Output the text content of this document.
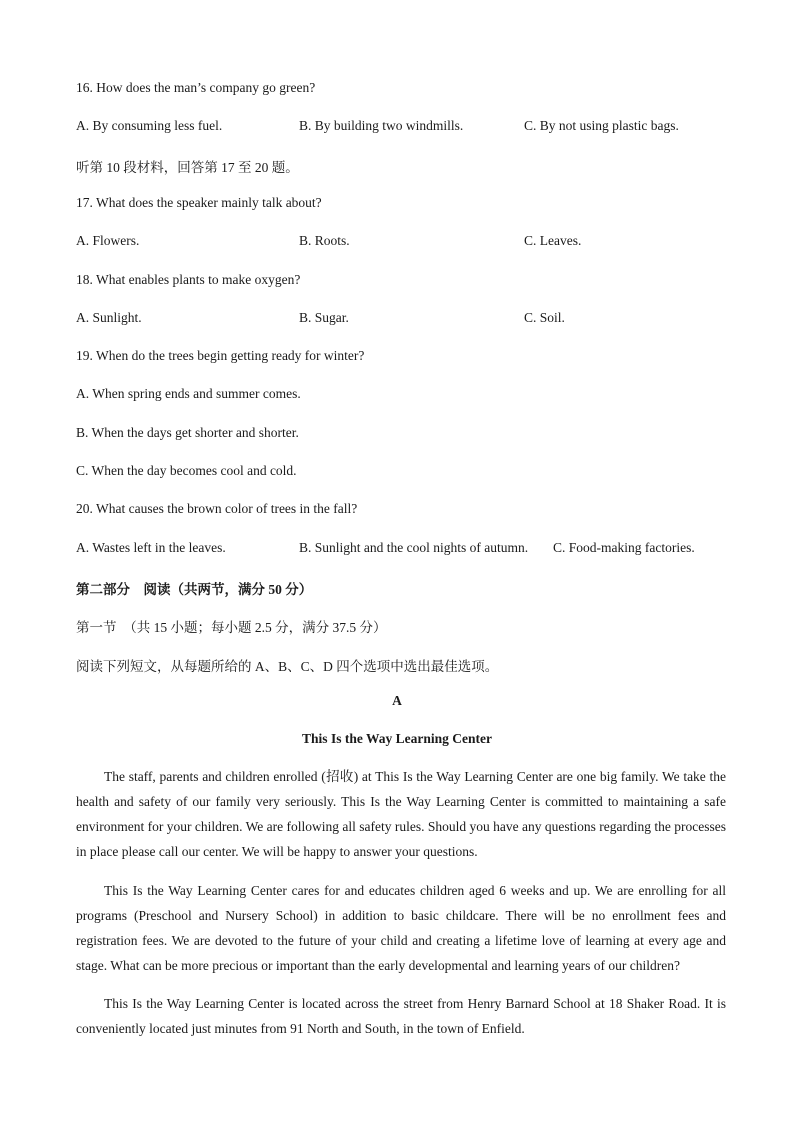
16. How does the man’s company go green?
A. By consuming less fuel.	B. By building two windmills.	C. By not using plastic bags.
听第 10 段材料，回答第 17 至 20 题。
17. What does the speaker mainly talk about?
A. Flowers.	B. Roots.	C. Leaves.
18. What enables plants to make oxygen?
A. Sunlight.	B. Sugar.	C. Soil.
19. When do the trees begin getting ready for winter?
A. When spring ends and summer comes.
B. When the days get shorter and shorter.
C. When the day becomes cool and cold.
20. What causes the brown color of trees in the fall?
A. Wastes left in the leaves.	B. Sunlight and the cool nights of autumn. C. Food-making factories.
第二部分　阅读（共两节，满分 50 分）
第一节　（共 15 小题；每小题 2.5 分，满分 37.5 分）
阅读下列短文，从每题所给的 A、B、C、D 四个选项中选出最佳选项。
A
This Is the Way Learning Center
The staff, parents and children enrolled (招收) at This Is the Way Learning Center are one big family. We take the health and safety of our family very seriously. This Is the Way Learning Center is committed to maintaining a safe environment for your children. We are following all safety rules. Should you have any questions regarding the processes in place please call our center. We will be happy to answer your questions.
This Is the Way Learning Center cares for and educates children aged 6 weeks and up. We are enrolling for all programs (Preschool and Nursery School) in addition to basic childcare. There will be no enrollment fees and registration fees. We are devoted to the future of your child and creating a lifetime love of learning at every age and stage. What can be more precious or important than the early developmental and learning years of our children?
This Is the Way Learning Center is located across the street from Henry Barnard School at 18 Shaker Road. It is conveniently located just minutes from 91 North and South, in the town of Enfield.
